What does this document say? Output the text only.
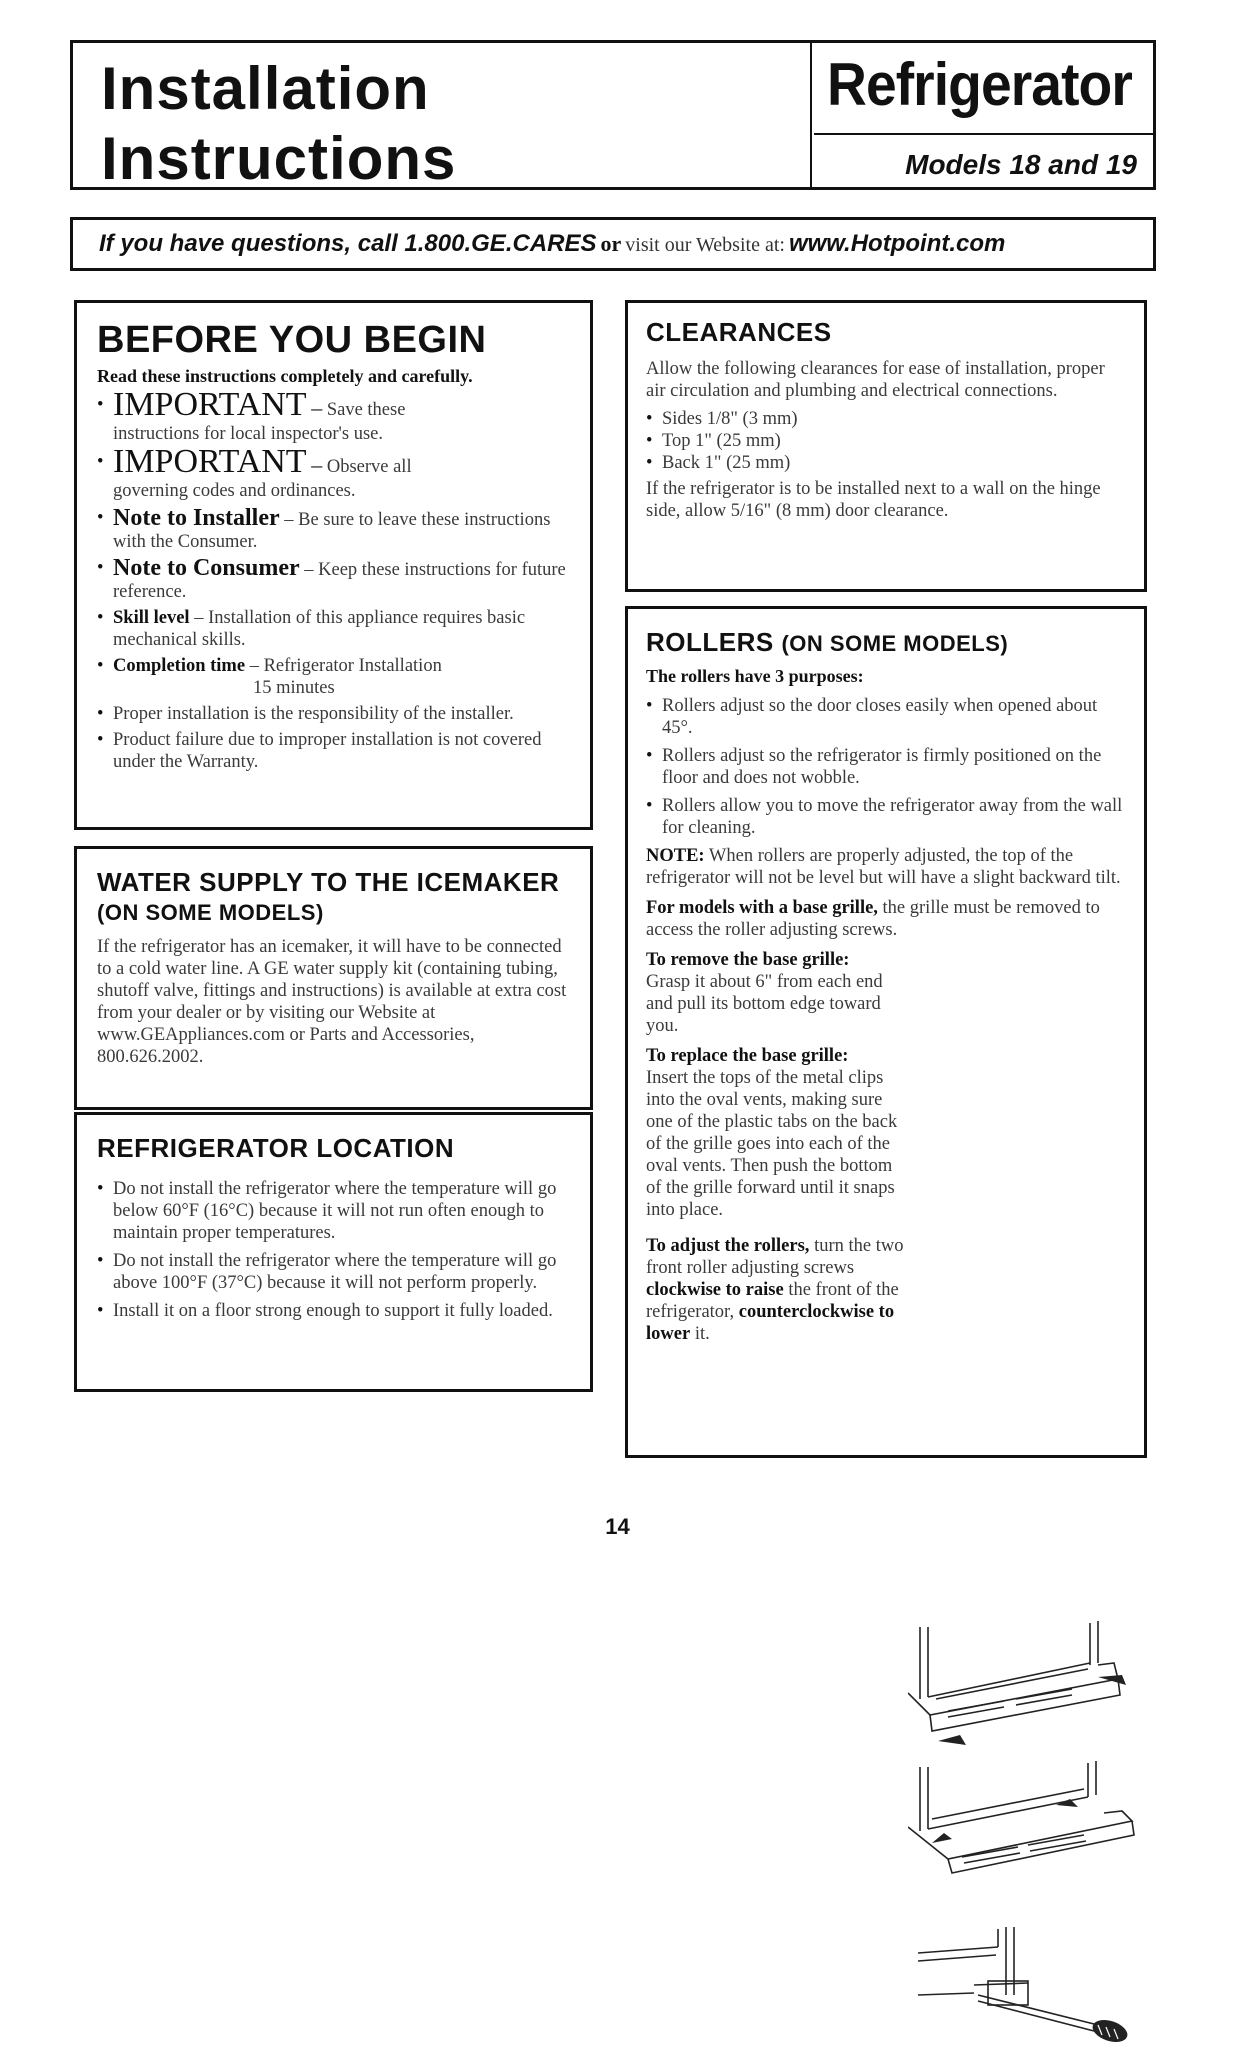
Installation
Instructions
Refrigerator
Models 18 and 19
If you have questions, call 1.800.GE.CARES or visit our Website at: www.Hotpoint.com
BEFORE YOU BEGIN
Read these instructions completely and carefully.
• IMPORTANT – Save these
instructions for local inspector's use.
• IMPORTANT – Observe all
governing codes and ordinances.
• Note to Installer – Be sure to leave these instructions with the Consumer.
• Note to Consumer – Keep these instructions for future reference.
• Skill level – Installation of this appliance requires basic mechanical skills.
• Completion time – Refrigerator Installation
15 minutes
• Proper installation is the responsibility of the installer.
• Product failure due to improper installation is not covered under the Warranty.
WATER SUPPLY TO THE ICEMAKER
(ON SOME MODELS)
If the refrigerator has an icemaker, it will have to be connected to a cold water line. A GE water supply kit (containing tubing, shutoff valve, fittings and instructions) is available at extra cost from your dealer or by visiting our Website at www.GEAppliances.com or Parts and Accessories, 800.626.2002.
REFRIGERATOR LOCATION
• Do not install the refrigerator where the temperature will go below 60°F (16°C) because it will not run often enough to maintain proper temperatures.
• Do not install the refrigerator where the temperature will go above 100°F (37°C) because it will not perform properly.
• Install it on a floor strong enough to support it fully loaded.
CLEARANCES
Allow the following clearances for ease of installation, proper air circulation and plumbing and electrical connections.
• Sides 1/8" (3 mm)
• Top 1" (25 mm)
• Back 1" (25 mm)
If the refrigerator is to be installed next to a wall on the hinge side, allow 5/16" (8 mm) door clearance.
ROLLERS (ON SOME MODELS)
The rollers have 3 purposes:
• Rollers adjust so the door closes easily when opened about 45°.
• Rollers adjust so the refrigerator is firmly positioned on the floor and does not wobble.
• Rollers allow you to move the refrigerator away from the wall for cleaning.
NOTE: When rollers are properly adjusted, the top of the refrigerator will not be level but will have a slight backward tilt.
For models with a base grille, the grille must be removed to access the roller adjusting screws.
To remove the base grille:
Grasp it about 6" from each end and pull its bottom edge toward you.
To replace the base grille:
Insert the tops of the metal clips into the oval vents, making sure one of the plastic tabs on the back of the grille goes into each of the oval vents. Then push the bottom of the grille forward until it snaps into place.
To adjust the rollers, turn the two front roller adjusting screws clockwise to raise the front of the refrigerator, counterclockwise to lower it.
14
